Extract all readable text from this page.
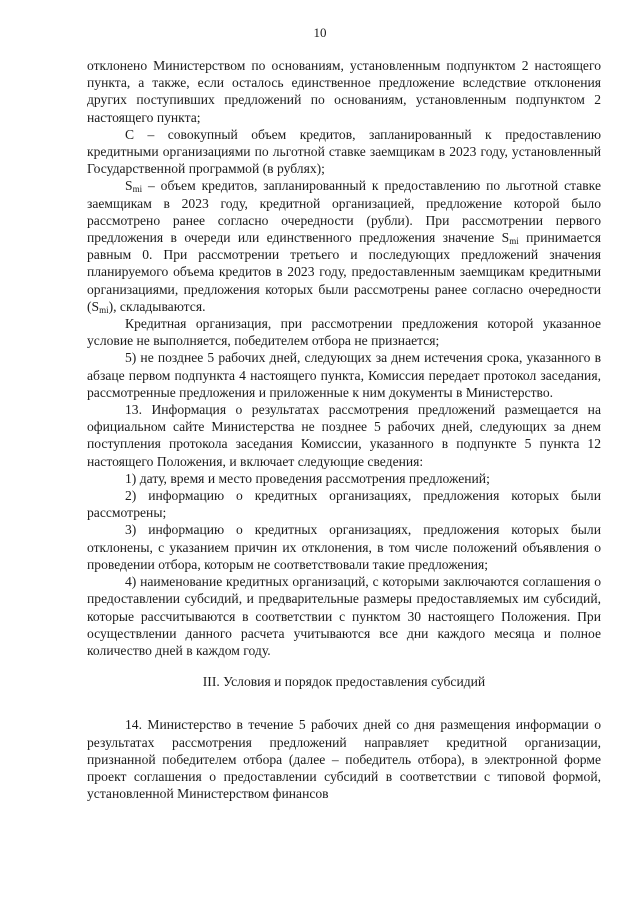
10

отклонено Министерством по основаниям, установленным подпунктом 2 настоящего пункта, а также, если осталось единственное предложение вследствие отклонения других поступивших предложений по основаниям, установленным подпунктом 2 настоящего пункта;

C – совокупный объем кредитов, запланированный к предоставлению кредитными организациями по льготной ставке заемщикам в 2023 году, установленный Государственной программой (в рублях);

$S_{mi}$ – объем кредитов, запланированный к предоставлению по льготной ставке заемщикам в 2023 году, кредитной организацией, предложение которой было рассмотрено ранее согласно очередности (рубли). При рассмотрении первого предложения в очереди или единственного предложения значение $S_{mi}$ принимается равным 0. При рассмотрении третьего и последующих предложений значения планируемого объема кредитов в 2023 году, предоставленным заемщикам кредитными организациями, предложения которых были рассмотрены ранее согласно очередности $(S_{mi})$, складываются.

Кредитная организация, при рассмотрении предложения которой указанное условие не выполняется, победителем отбора не признается;

5) не позднее 5 рабочих дней, следующих за днем истечения срока, указанного в абзаце первом подпункта 4 настоящего пункта, Комиссия передает протокол заседания, рассмотренные предложения и приложенные к ним документы в Министерство.

13. Информация о результатах рассмотрения предложений размещается на официальном сайте Министерства не позднее 5 рабочих дней, следующих за днем поступления протокола заседания Комиссии, указанного в подпункте 5 пункта 12 настоящего Положения, и включает следующие сведения:

1) дату, время и место проведения рассмотрения предложений;

2) информацию о кредитных организациях, предложения которых были рассмотрены;

3) информацию о кредитных организациях, предложения которых были отклонены, с указанием причин их отклонения, в том числе положений объявления о проведении отбора, которым не соответствовали такие предложения;

4) наименование кредитных организаций, с которыми заключаются соглашения о предоставлении субсидий, и предварительные размеры предоставляемых им субсидий, которые рассчитываются в соответствии с пунктом 30 настоящего Положения. При осуществлении данного расчета учитываются все дни каждого месяца и полное количество дней в каждом году.

III. Условия и порядок предоставления субсидий

14. Министерство в течение 5 рабочих дней со дня размещения информации о результатах рассмотрения предложений направляет кредитной организации, признанной победителем отбора (далее – победитель отбора), в электронной форме проект соглашения о предоставлении субсидий в соответствии с типовой формой, установленной Министерством финансов
